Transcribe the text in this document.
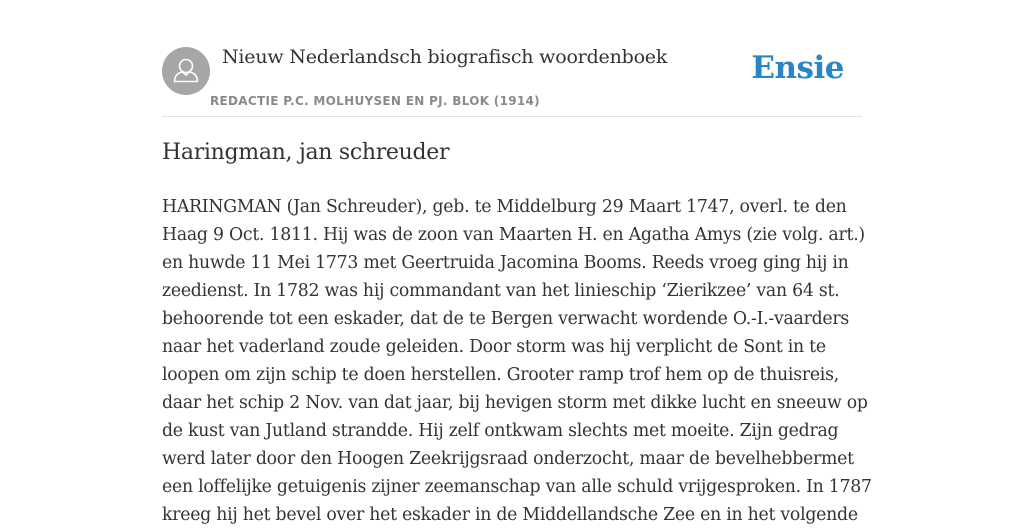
Nieuw Nederlandsch biografisch woordenboek
REDACTIE P.C. MOLHUYSEN EN PJ. BLOK (1914)
Ensie
Haringman, jan schreuder

HARINGMAN (Jan Schreuder), geb. te Middelburg 29 Maart 1747, overl. te den
Haag 9 Oct. 1811. Hij was de zoon van Maarten H. en Agatha Amys (zie volg. art.)
en huwde 11 Mei 1773 met Geertruida Jacomina Booms. Reeds vroeg ging hij in
zeedienst. In 1782 was hij commandant van het linieschip ‘Zierikzee’ van 64 st.
behoorende tot een eskader, dat de te Bergen verwacht wordende O.-I.-vaarders
naar het vaderland zoude geleiden. Door storm was hij verplicht de Sont in te
loopen om zijn schip te doen herstellen. Grooter ramp trof hem op de thuisreis,
daar het schip 2 Nov. van dat jaar, bij hevigen storm met dikke lucht en sneeuw op
de kust van Jutland strandde. Hij zelf ontkwam slechts met moeite. Zijn gedrag
werd later door den Hoogen Zeekrijgsraad onderzocht, maar de bevelhebbermet
een loffelijke getuigenis zijner zeemanschap van alle schuld vrijgesproken. In 1787
kreeg hij het bevel over het eskader in de Middellandsche Zee en in het volgende
